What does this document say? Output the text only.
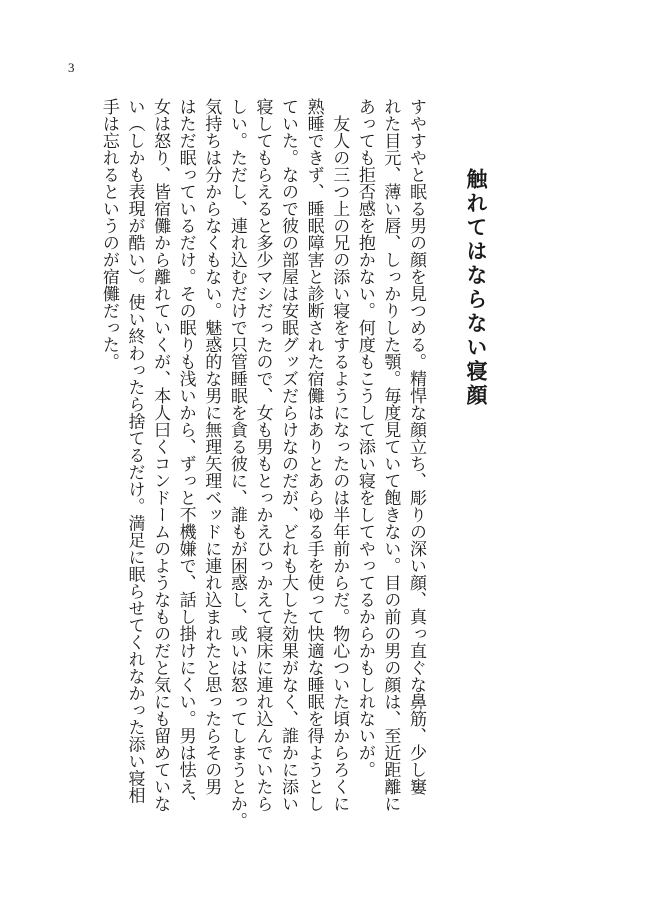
3
触れてはならない寝顔

すやすやと眠る男の顔を見つめる。精悍な顔立ち、彫りの深い顔、真っ直ぐな鼻筋、少し窶
れた目元、薄い唇、しっかりした顎。毎度見ていて飽きない。目の前の男の顔は、至近距離に
あっても拒否感を抱かない。何度もこうして添い寝をしてやってるからかもしれないが。

友人の三つ上の兄の添い寝をするようになったのは半年前からだ。物心ついた頃からろくに
熟睡できず、睡眠障害と診断された宿儺はありとあらゆる手を使って快適な睡眠を得ようとし
ていた。なので彼の部屋は安眠グッズだらけなのだが、どれも大した効果がなく、誰かに添い
寝してもらえると多少マシだったので、女も男もとっかえひっかえて寝床に連れ込んでいたら
しい。ただし、連れ込むだけで只管睡眠を貪る彼に、誰もが困惑し、或いは怒ってしまうとか。
気持ちは分からなくもない。魅惑的な男に無理矢理ベッドに連れ込まれたと思ったらその男
はただ眠っているだけ。その眠りも浅いから、ずっと不機嫌で、話し掛けにくい。男は怯え、
女は怒り、皆宿儺から離れていくが、本人曰くコンドームのようなものだと気にも留めていな
い（しかも表現が酷い）。使い終わったら捨てるだけ。満足に眠らせてくれなかった添い寝相
手は忘れるというのが宿儺だった。
